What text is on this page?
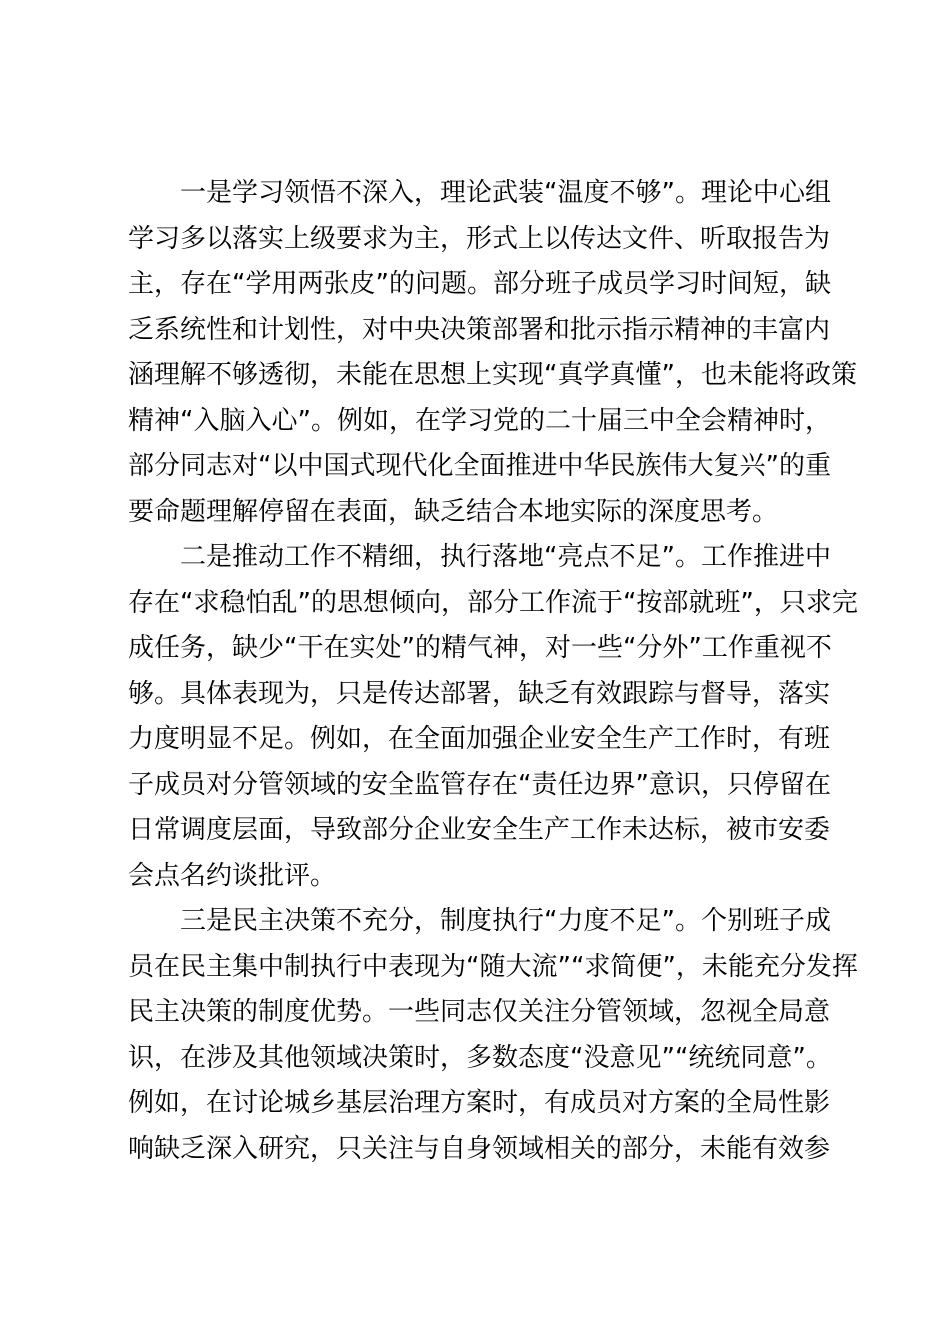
一是学习领悟不深入，理论武装“温度不够”。理论中心组
学习多以落实上级要求为主，形式上以传达文件、听取报告为
主，存在“学用两张皮”的问题。部分班子成员学习时间短，缺
乏系统性和计划性，对中央决策部署和批示指示精神的丰富内
涵理解不够透彻，未能在思想上实现“真学真懂”，也未能将政策
精神“入脑入心”。例如，在学习党的二十届三中全会精神时，
部分同志对“以中国式现代化全面推进中华民族伟大复兴”的重
要命题理解停留在表面，缺乏结合本地实际的深度思考。
二是推动工作不精细，执行落地“亮点不足”。工作推进中
存在“求稳怕乱”的思想倾向，部分工作流于“按部就班”，只求完
成任务，缺少“干在实处”的精气神，对一些“分外”工作重视不
够。具体表现为，只是传达部署，缺乏有效跟踪与督导，落实
力度明显不足。例如，在全面加强企业安全生产工作时，有班
子成员对分管领域的安全监管存在“责任边界”意识，只停留在
日常调度层面，导致部分企业安全生产工作未达标，被市安委
会点名约谈批评。
三是民主决策不充分，制度执行“力度不足”。个别班子成
员在民主集中制执行中表现为“随大流”“求简便”，未能充分发挥
民主决策的制度优势。一些同志仅关注分管领域，忽视全局意
识，在涉及其他领域决策时，多数态度“没意见”“统统同意”。
例如，在讨论城乡基层治理方案时，有成员对方案的全局性影
响缺乏深入研究，只关注与自身领域相关的部分，未能有效参
